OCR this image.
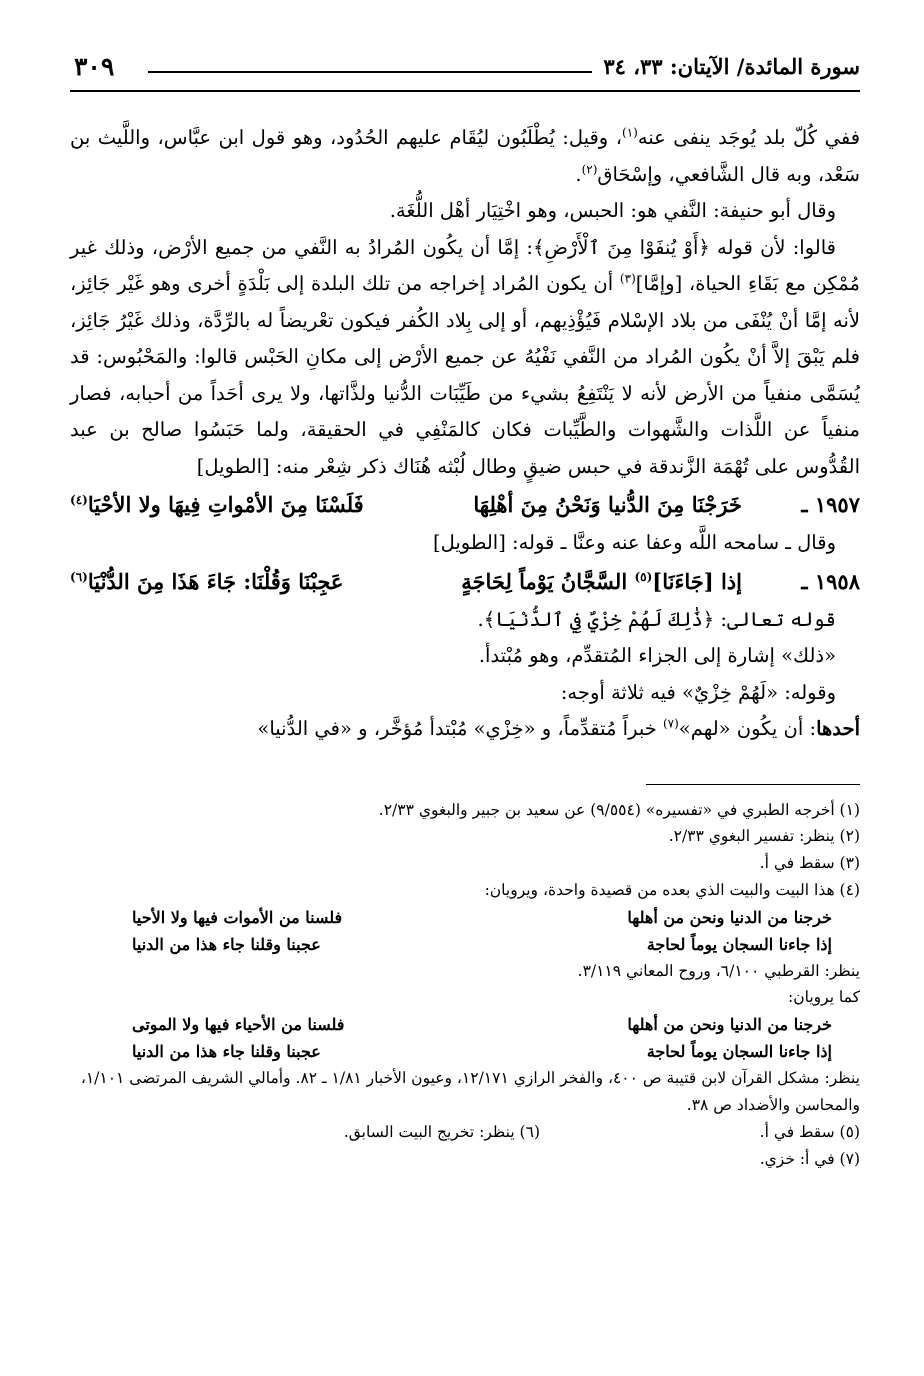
سورة المائدة/ الآيتان: ٣٣، ٣٤
٣٠٩

ففي كُلّ بلد يُوجَد ينفى عنه$^{(١)}$، وقيل: يُطْلَبُون ليُقَام عليهم الحُدُود، وهو قول ابن عبَّاس، واللَّيث بن سَعْد، وبه قال الشَّافعي، وإسْحَاق$^{(٢)}$.

وقال أبو حنيفة: النَّفي هو: الحبس، وهو اخْتِيَار أهْل اللُّغَة.

قالوا: لأن قوله ﴿أَوْ يُنفَوْا مِنَ ٱلْأَرْضِ﴾: إمَّا أن يكُون المُرادُ به النَّفي من جميع الأرْض، وذلك غير مُمْكِن مع بَقَاءِ الحياة، [وإمَّا]$^{(٣)}$ أن يكون المُراد إخراجه من تلك البلدة إلى بَلْدَةٍ أخرى وهو غَيْر جَائِز، لأنه إمَّا أنْ يُنْفَى من بلاد الإسْلام فَيُؤْذِيهم، أو إلى بِلاد الكُفر فيكون تعْريضاً له بالرِّدَّة، وذلك غَيْرُ جَائِز، فلم يَبْقَ إلاَّ أنْ يكُون المُراد من النَّفي نَفْيُهُ عن جميع الأرْض إلى مكانِ الحَبْس قالوا: والمَحْبُوس: قد يُسَمَّى منفياً من الأرض لأنه لا يَنْتَفِعُ بشيء من طَيِّبَات الدُّنيا ولذَّاتها، ولا يرى أحَداً من أحبابه، فصار منفياً عن اللَّذات والشَّهوات والطَّيِّبات فكان كالمَنْفِي في الحقيقة، ولما حَبَسُوا صالح بن عبد القُدُّوس على تُهْمَة الزَّندقة في حبس ضيقٍ وطال لُبْثه هُنَاك ذكر شِعْر منه: [الطويل]

١٩٥٧ ـ
خَرَجْنَا مِنَ الدُّنيا وَنَحْنُ مِنَ أهْلِهَا
فَلَسْنَا مِنَ الأمْواتِ فِيهَا ولا الأحْيَا$^{(٤)}$

وقال ـ سامحه اللَّه وعفا عنه وعنَّا ـ قوله: [الطويل]

١٩٥٨ ـ
إذا [جَاءَنَا]$^{(٥)}$ السَّجَّانُ يَوْماً لِحَاجَةٍ
عَجِبْنَا وَقُلْنَا: جَاءَ هَذَا مِنَ الدُّنْيَا$^{(٦)}$

قوله تعالى: ﴿ذَٰلِكَ لَهُمْ خِزْيٌ فِي ٱلدُّنْيَا﴾.

«ذلك» إشارة إلى الجزاء المُتقدِّم، وهو مُبْتدأ.

وقوله: «لَهُمْ خِزْيٌ» فيه ثلاثة أوجه:

أحدها: أن يكُون «لهم»$^{(٧)}$ خبراً مُتقدِّماً، و «خِزْي» مُبْتدأ مُؤخَّر، و «في الدُّنيا»

(١) أخرجه الطبري في «تفسيره» (٩/٥٥٤) عن سعيد بن جبير والبغوي ٢/٣٣.

(٢) ينظر: تفسير البغوي ٢/٣٣.

(٣) سقط في أ.

(٤) هذا البيت والبيت الذي بعده من قصيدة واحدة، ويرويان:

خرجنا من الدنيا ونحن من أهلها
فلسنا من الأموات فيها ولا الأحيا
إذا جاءنا السجان يوماً لحاجة
عجبنا وقلنا جاء هذا من الدنيا

ينظر: القرطبي ٦/١٠٠، وروح المعاني ٣/١١٩.

كما يرويان:

خرجنا من الدنيا ونحن من أهلها
فلسنا من الأحياء فيها ولا الموتى
إذا جاءنا السجان يوماً لحاجة
عجبنا وقلنا جاء هذا من الدنيا

ينظر: مشكل القرآن لابن قتيبة ص ٤٠٠، والفخر الرازي ١٢/١٧١، وعيون الأخبار ١/٨١ ـ ٨٢. وأمالي الشريف المرتضى ١/١٠١، والمحاسن والأضداد ص ٣٨.

(٥) سقط في أ.
(٦) ينظر: تخريج البيت السابق.

(٧) في أ: خزي.
